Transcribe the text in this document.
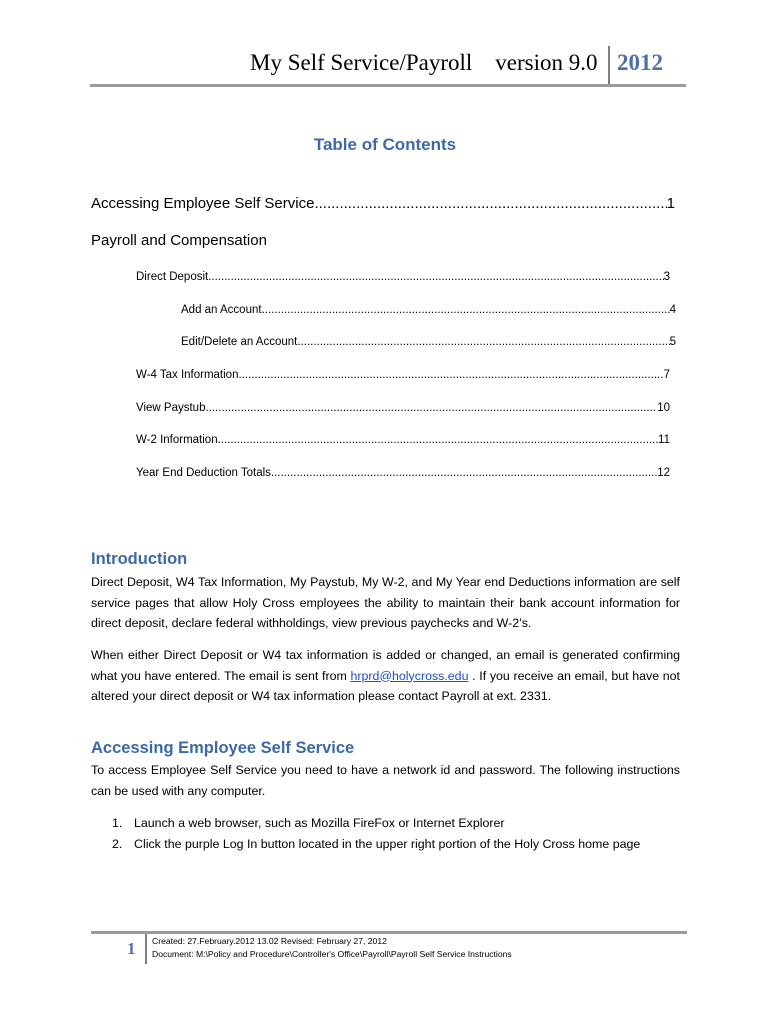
My Self Service/Payroll    version 9.0 2012
Table of Contents
Accessing Employee Self Service .....	1
Payroll and Compensation
Direct Deposit .....	3
Add an Account .....	4
Edit/Delete an Account .....	5
W-4 Tax Information .....	7
View Paystub .....	10
W-2 Information .....	11
Year End Deduction Totals .....	12
Introduction
Direct Deposit, W4 Tax Information, My Paystub, My W-2, and My Year end Deductions information are self service pages that allow Holy Cross employees the ability to maintain their bank account information for direct deposit, declare federal withholdings, view previous paychecks and W-2’s.
When either Direct Deposit or W4 tax information is added or changed, an email is generated confirming what you have entered. The email is sent from hrprd@holycross.edu . If you receive an email, but have not altered your direct deposit or W4 tax information please contact Payroll at ext. 2331.
Accessing Employee Self Service
To access Employee Self Service you need to have a network id and password. The following instructions can be used with any computer.
1. Launch a web browser, such as Mozilla FireFox or Internet Explorer
2. Click the purple Log In button located in the upper right portion of the Holy Cross home page
1 Created: 27.February.2012 13.02 Revised: February 27, 2012
Document: M:\Policy and Procedure\Controller's Office\Payroll\Payroll Self Service Instructions
